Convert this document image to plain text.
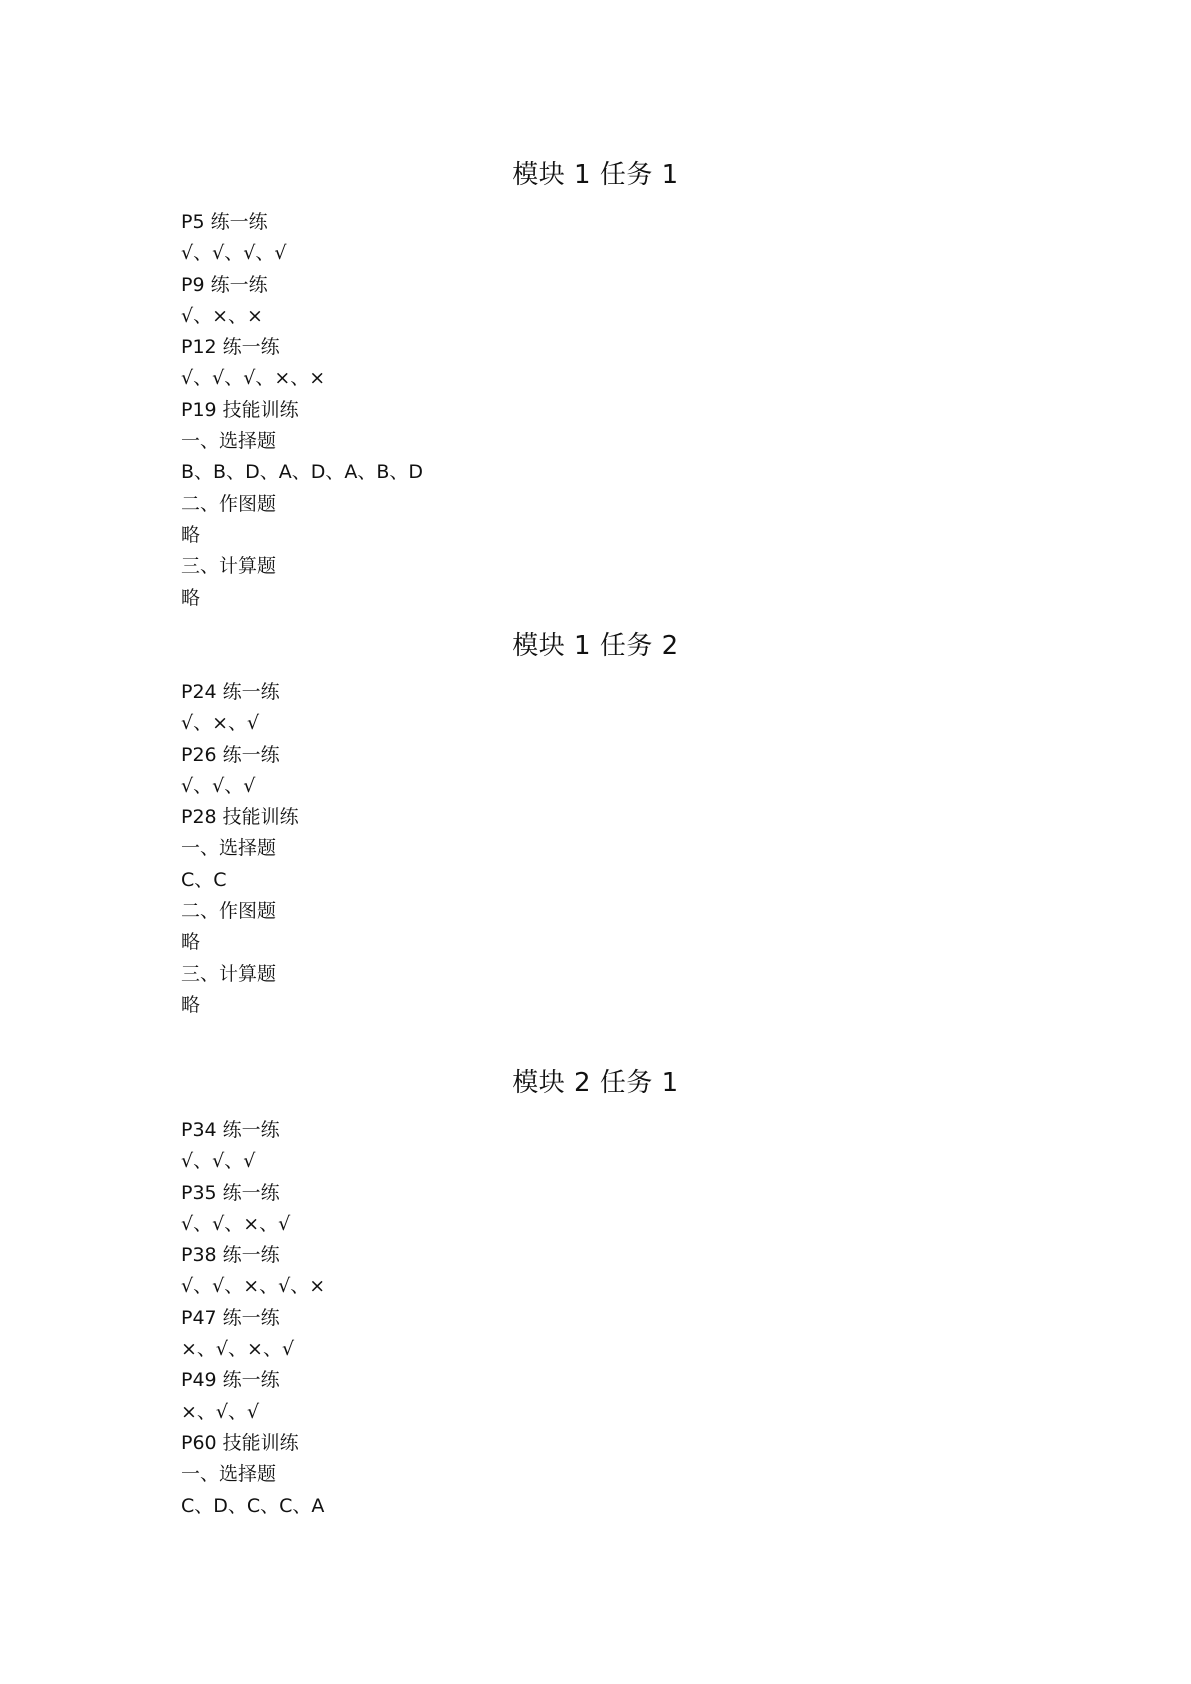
模块 1 任务 1
P5 练一练
√、√、√、√
P9 练一练
√、×、×
P12 练一练
√、√、√、×、×
P19 技能训练
一、选择题
B、B、D、A、D、A、B、D
二、作图题
略
三、计算题
略
模块 1 任务 2
P24 练一练
√、×、√
P26 练一练
√、√、√
P28 技能训练
一、选择题
C、C
二、作图题
略
三、计算题
略
模块 2 任务 1
P34 练一练
√、√、√
P35 练一练
√、√、×、√
P38 练一练
√、√、×、√、×
P47 练一练
×、√、×、√
P49 练一练
×、√、√
P60 技能训练
一、选择题
C、D、C、C、A
